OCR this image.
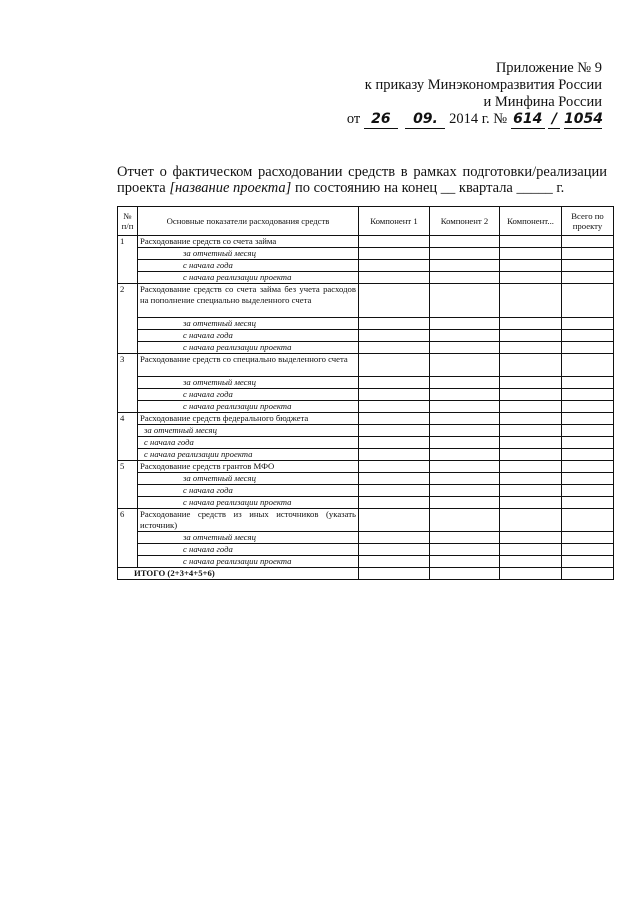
Приложение № 9
к приказу Минэкономразвития России
и Минфина России
от 26 09. 2014 г. № 614 / 1054
Отчет о фактическом расходовании средств в рамках подготовки/реализации
проекта [название проекта] по состоянию на конец __ квартала _____ г.
№ п/п	Основные показатели расходования средств	Компонент 1	Компонент 2	Компонент...	Всего по проекту
1	Расходование средств со счета займа				
	за отчетный месяц				
	с начала года				
	с начала реализации проекта				
2	Расходование средств со счета займа без учета расходов на пополнение специально выделенного счета				
	за отчетный месяц				
	с начала года				
	с начала реализации проекта				
3	Расходование средств со специально выделенного счета				
	за отчетный месяц				
	с начала года				
	с начала реализации проекта				
4	Расходование средств федерального бюджета				
	за отчетный месяц				
	с начала года				
	с начала реализации проекта				
5	Расходование средств грантов МФО				
	за отчетный месяц				
	с начала года				
	с начала реализации проекта				
6	Расходование средств из иных источников (указать источник)				
	за отчетный месяц				
	с начала года				
	с начала реализации проекта				
ИТОГО (2+3+4+5+6)					
